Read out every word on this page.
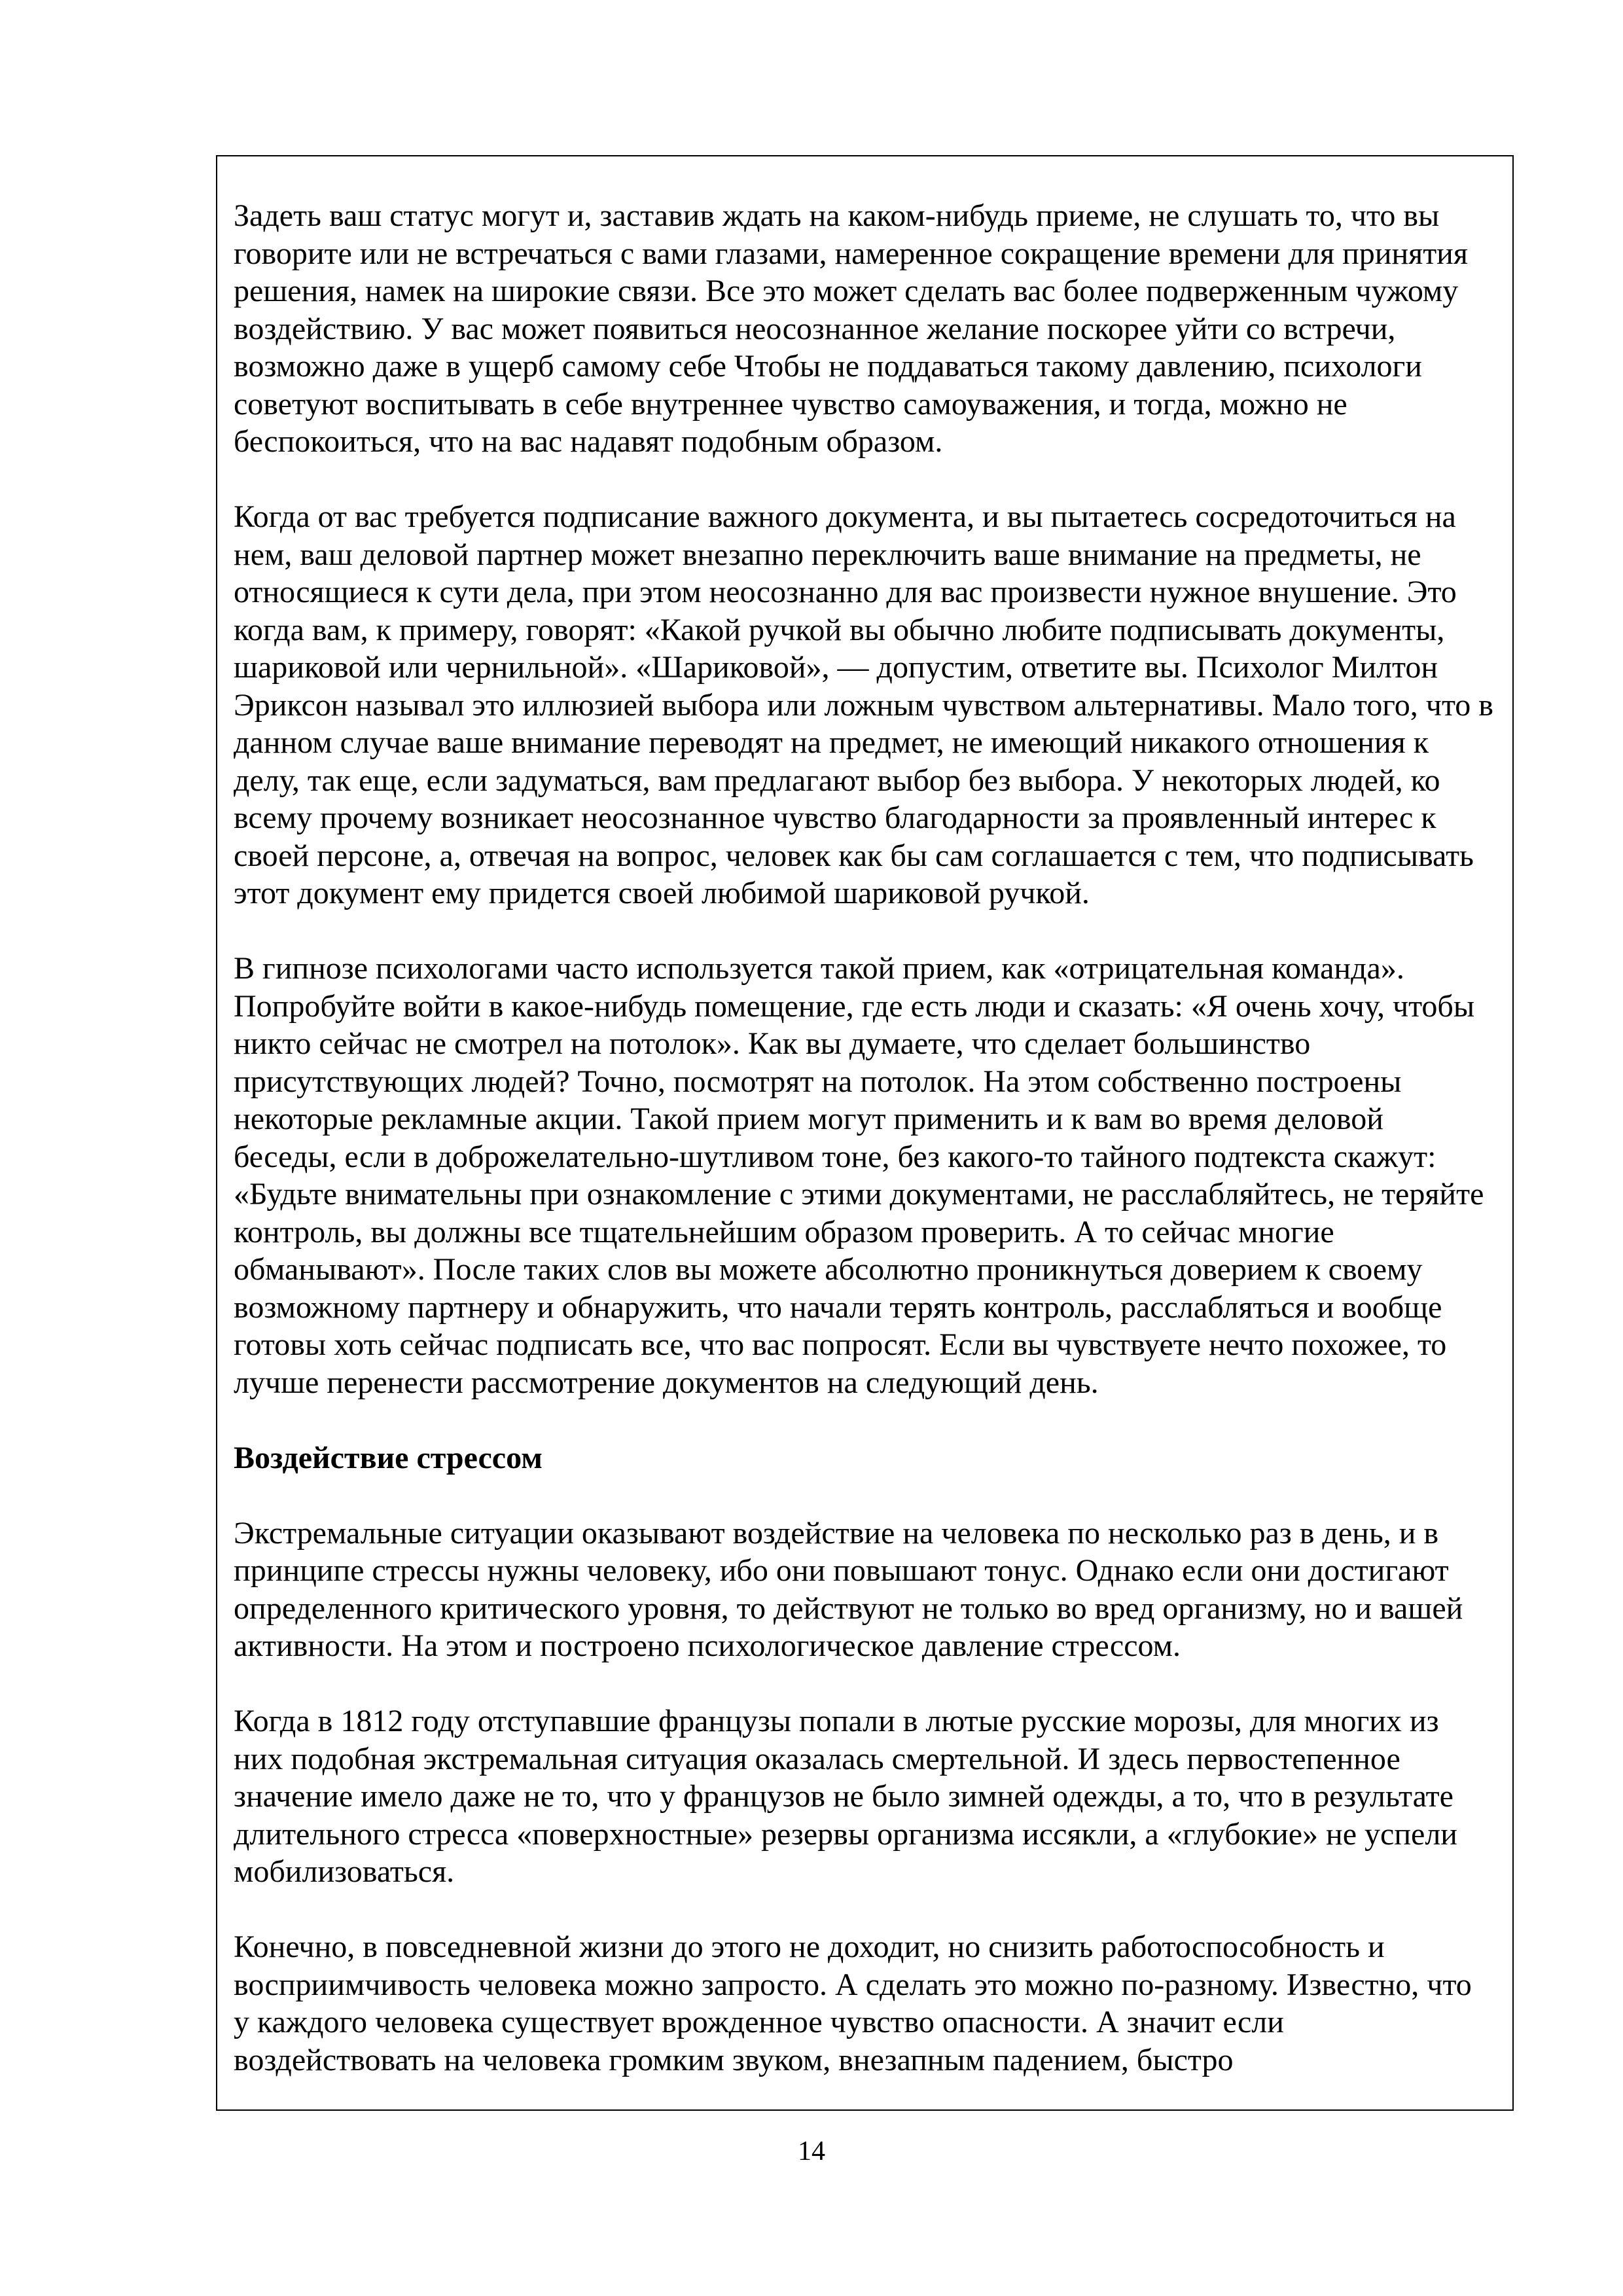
Задеть ваш статус могут и, заставив ждать на каком-нибудь приеме, не слушать то, что вы говорите или не встречаться с вами глазами, намеренное сокращение времени для принятия решения, намек на широкие связи. Все это может сделать вас более подверженным чужому воздействию. У вас может появиться неосознанное желание поскорее уйти со встречи, возможно даже в ущерб самому себе Чтобы не поддаваться такому давлению, психологи советуют воспитывать в себе внутреннее чувство самоуважения, и тогда, можно не беспокоиться, что на вас надавят подобным образом.

Когда от вас требуется подписание важного документа, и вы пытаетесь сосредоточиться на нем, ваш деловой партнер может внезапно переключить ваше внимание на предметы, не относящиеся к сути дела, при этом неосознанно для вас произвести нужное внушение. Это когда вам, к примеру, говорят: «Какой ручкой вы обычно любите подписывать документы, шариковой или чернильной». «Шариковой», — допустим, ответите вы. Психолог Милтон Эриксон называл это иллюзией выбора или ложным чувством альтернативы. Мало того, что в данном случае ваше внимание переводят на предмет, не имеющий никакого отношения к делу, так еще, если задуматься, вам предлагают выбор без выбора. У некоторых людей, ко всему прочему возникает неосознанное чувство благодарности за проявленный интерес к своей персоне, а, отвечая на вопрос, человек как бы сам соглашается с тем, что подписывать этот документ ему придется своей любимой шариковой ручкой.

В гипнозе психологами часто используется такой прием, как «отрицательная команда». Попробуйте войти в какое-нибудь помещение, где есть люди и сказать: «Я очень хочу, чтобы никто сейчас не смотрел на потолок». Как вы думаете, что сделает большинство присутствующих людей? Точно, посмотрят на потолок. На этом собственно построены некоторые рекламные акции. Такой прием могут применить и к вам во время деловой беседы, если в доброжелательно-шутливом тоне, без какого-то тайного подтекста скажут: «Будьте внимательны при ознакомление с этими документами, не расслабляйтесь, не теряйте контроль, вы должны все тщательнейшим образом проверить. А то сейчас многие обманывают». После таких слов вы можете абсолютно проникнуться доверием к своему возможному партнеру и обнаружить, что начали терять контроль, расслабляться и вообще готовы хоть сейчас подписать все, что вас попросят. Если вы чувствуете нечто похожее, то лучше перенести рассмотрение документов на следующий день.

Воздействие стрессом

Экстремальные ситуации оказывают воздействие на человека по несколько раз в день, и в принципе стрессы нужны человеку, ибо они повышают тонус. Однако если они достигают определенного критического уровня, то действуют не только во вред организму, но и вашей активности. На этом и построено психологическое давление стрессом.

Когда в 1812 году отступавшие французы попали в лютые русские морозы, для многих из них подобная экстремальная ситуация оказалась смертельной. И здесь первостепенное значение имело даже не то, что у французов не было зимней одежды, а то, что в результате длительного стресса «поверхностные» резервы организма иссякли, а «глубокие» не успели мобилизоваться.

Конечно, в повседневной жизни до этого не доходит, но снизить работоспособность и восприимчивость человека можно запросто. А сделать это можно по-разному. Известно, что у каждого человека существует врожденное чувство опасности. А значит если воздействовать на человека громким звуком, внезапным падением, быстро

14
